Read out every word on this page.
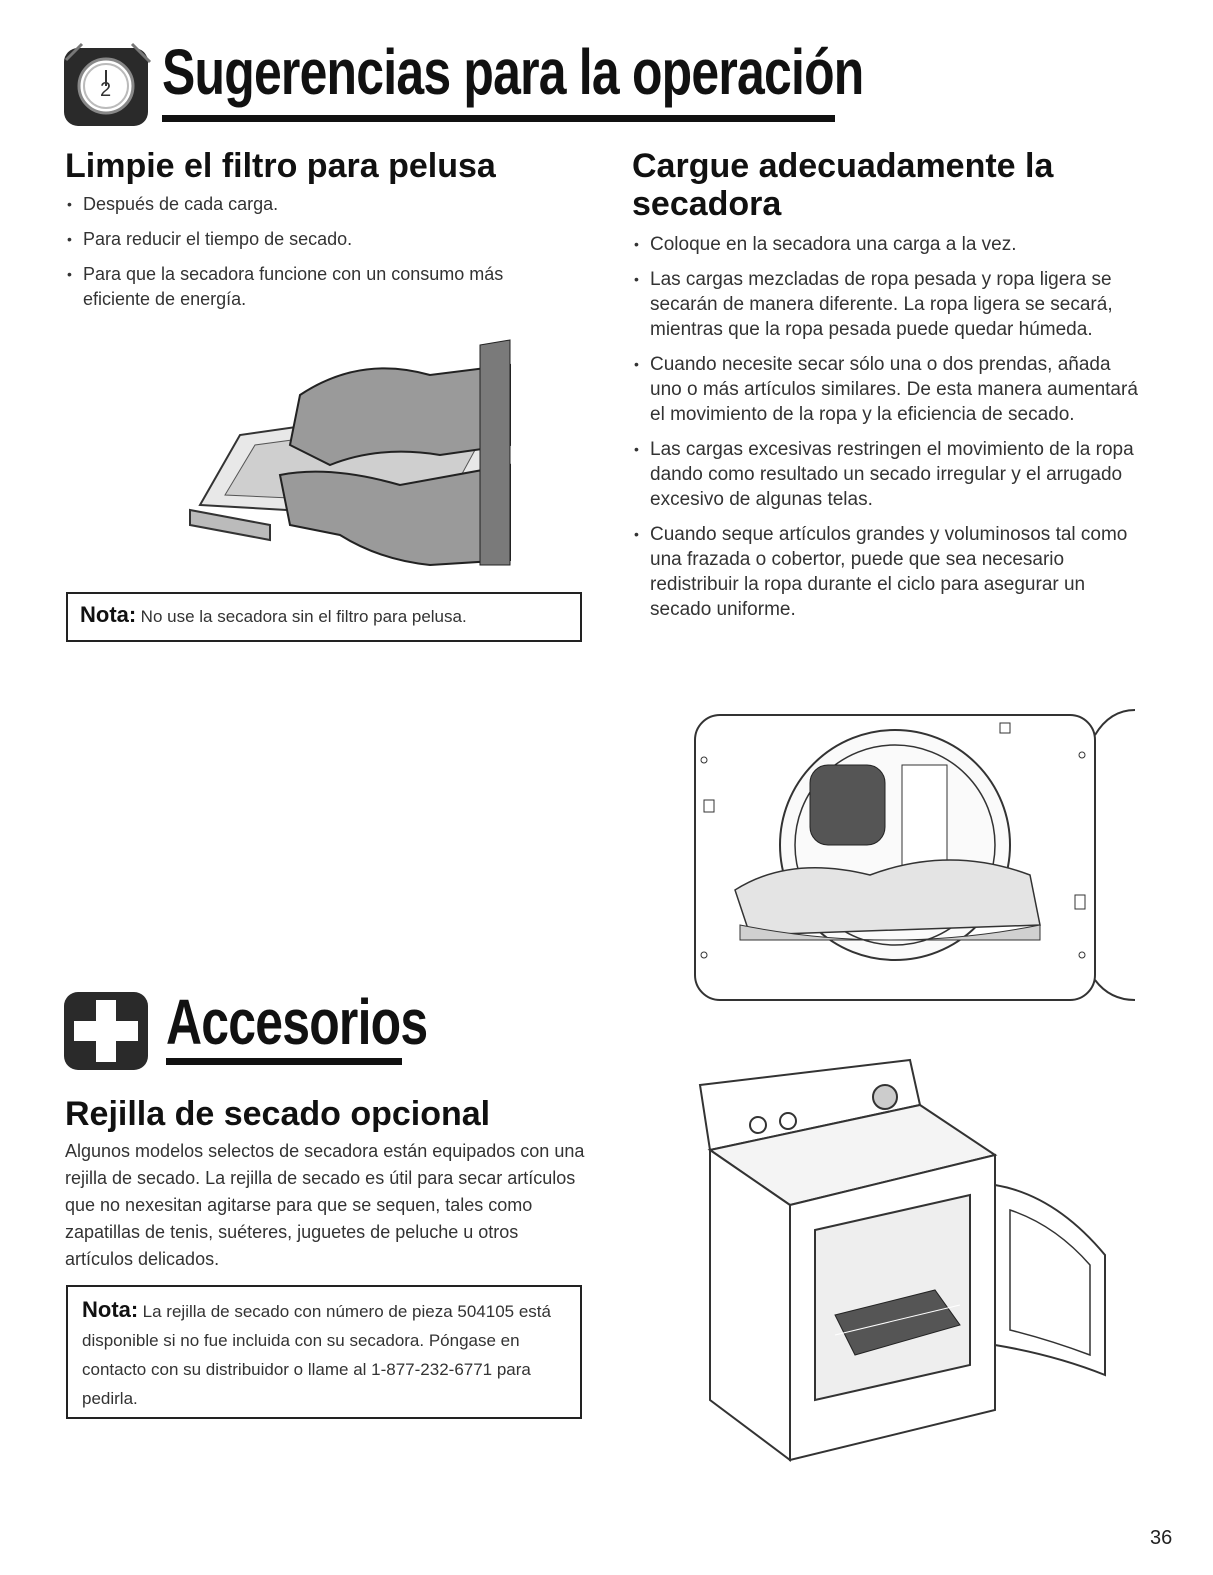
2 Sugerencias para la operación
Limpie el filtro para pelusa
• Después de cada carga.
• Para reducir el tiempo de secado.
• Para que la secadora funcione con un consumo más eficiente de energía.
Nota: No use la secadora sin el filtro para pelusa.
Cargue adecuadamente la secadora
• Coloque en la secadora una carga a la vez.
• Las cargas mezcladas de ropa pesada y ropa ligera se secarán de manera diferente. La ropa ligera se secará, mientras que la ropa pesada puede quedar húmeda.
• Cuando necesite secar sólo una o dos prendas, añada uno o más artículos similares. De esta manera aumentará el movimiento de la ropa y la eficiencia de secado.
• Las cargas excesivas restringen el movimiento de la ropa dando como resultado un secado irregular y el arrugado excesivo de algunas telas.
• Cuando seque artículos grandes y voluminosos tal como una frazada o cobertor, puede que sea necesario redistribuir la ropa durante el ciclo para asegurar un secado uniforme.
Accesorios
Rejilla de secado opcional

Algunos modelos selectos de secadora están equipados con una rejilla de secado. La rejilla de secado es útil para secar artículos que no nexesitan agitarse para que se sequen, tales como zapatillas de tenis, suéteres, juguetes de peluche u otros artículos delicados.

Nota: La rejilla de secado con número de pieza 504105 está disponible si no fue incluida con su secadora. Póngase en contacto con su distribuidor o llame al 1-877-232-6771 para pedirla.
36
